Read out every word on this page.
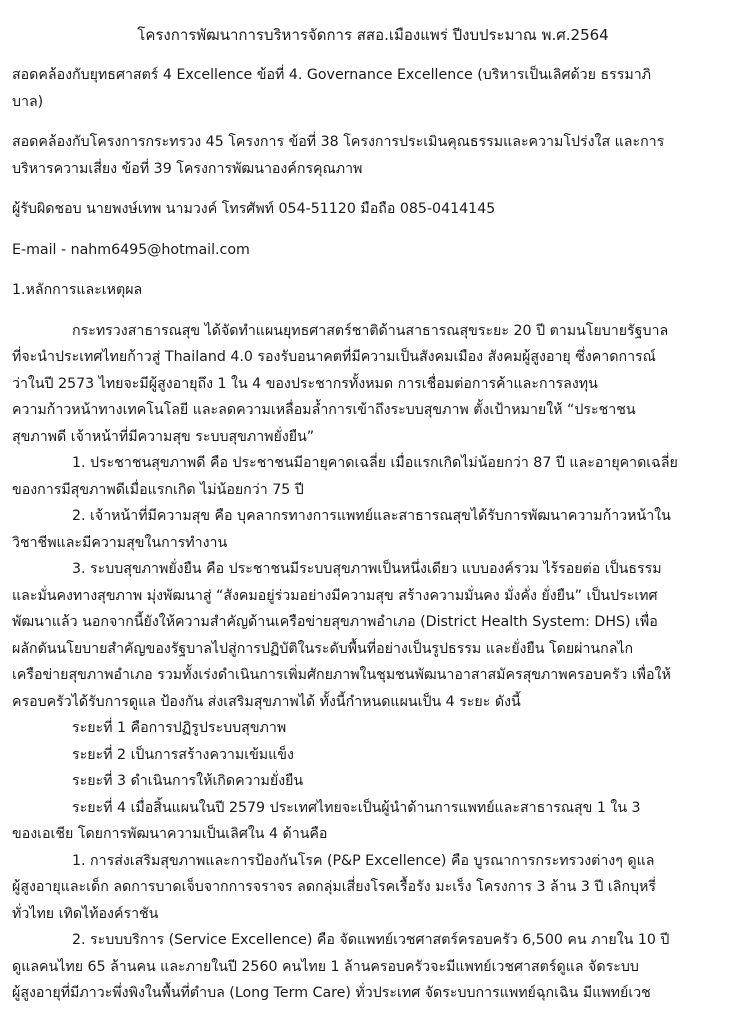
โครงการพัฒนาการบริหารจัดการ สสอ.เมืองแพร่ ปีงบประมาณ พ.ศ.2564

สอดคล้องกับยุทธศาสตร์ 4 Excellence ข้อที่ 4. Governance Excellence (บริหารเป็นเลิศด้วย ธรรมาภิ

บาล)

สอดคล้องกับโครงการกระทรวง 45 โครงการ ข้อที่ 38 โครงการประเมินคุณธรรมและความโปร่งใส และการ

บริหารความเสี่ยง ข้อที่ 39 โครงการพัฒนาองค์กรคุณภาพ

ผู้รับผิดชอบ นายพงษ์เทพ นามวงค์ โทรศัพท์ 054-51120 มือถือ 085-0414145

E-mail - nahm6495@hotmail.com

1.หลักการและเหตุผล

กระทรวงสาธารณสุข ได้จัดทำแผนยุทธศาสตร์ชาติด้านสาธารณสุขระยะ 20 ปี ตามนโยบายรัฐบาล

ที่จะนำประเทศไทยก้าวสู่ Thailand 4.0 รองรับอนาคตที่มีความเป็นสังคมเมือง สังคมผู้สูงอายุ ซึ่งคาดการณ์

ว่าในปี 2573 ไทยจะมีผู้สูงอายุถึง 1 ใน 4 ของประชากรทั้งหมด การเชื่อมต่อการค้าและการลงทุน

ความก้าวหน้าทางเทคโนโลยี และลดความเหลื่อมล้ำการเข้าถึงระบบสุขภาพ ตั้งเป้าหมายให้ “ประชาชน

สุขภาพดี เจ้าหน้าที่มีความสุข ระบบสุขภาพยั่งยืน”

1. ประชาชนสุขภาพดี คือ ประชาชนมีอายุคาดเฉลี่ย เมื่อแรกเกิดไม่น้อยกว่า 87 ปี และอายุคาดเฉลี่ย

ของการมีสุขภาพดีเมื่อแรกเกิด ไม่น้อยกว่า 75 ปี

2. เจ้าหน้าที่มีความสุข คือ บุคลากรทางการแพทย์และสาธารณสุขได้รับการพัฒนาความก้าวหน้าใน

วิชาชีพและมีความสุขในการทำงาน

3. ระบบสุขภาพยั่งยืน คือ ประชาชนมีระบบสุขภาพเป็นหนึ่งเดียว แบบองค์รวม ไร้รอยต่อ เป็นธรรม

และมั่นคงทางสุขภาพ มุ่งพัฒนาสู่ “สังคมอยู่ร่วมอย่างมีความสุข สร้างความมั่นคง มั่งคั่ง ยั่งยืน” เป็นประเทศ

พัฒนาแล้ว นอกจากนี้ยังให้ความสำคัญด้านเครือข่ายสุขภาพอำเภอ (District Health System: DHS) เพื่อ

ผลักดันนโยบายสำคัญของรัฐบาลไปสู่การปฏิบัติในระดับพื้นที่อย่างเป็นรูปธรรม และยั่งยืน โดยผ่านกลไก

เครือข่ายสุขภาพอำเภอ รวมทั้งเร่งดำเนินการเพิ่มศักยภาพในชุมชนพัฒนาอาสาสมัครสุขภาพครอบครัว เพื่อให้

ครอบครัวได้รับการดูแล ป้องกัน ส่งเสริมสุขภาพได้ ทั้งนี้กำหนดแผนเป็น 4 ระยะ ดังนี้

ระยะที่ 1 คือการปฏิรูประบบสุขภาพ

ระยะที่ 2 เป็นการสร้างความเข้มแข็ง

ระยะที่ 3 ดำเนินการให้เกิดความยั่งยืน

ระยะที่ 4 เมื่อสิ้นแผนในปี 2579 ประเทศไทยจะเป็นผู้นำด้านการแพทย์และสาธารณสุข 1 ใน 3

ของเอเชีย โดยการพัฒนาความเป็นเลิศใน 4 ด้านคือ

1. การส่งเสริมสุขภาพและการป้องกันโรค (P&P Excellence) คือ บูรณาการกระทรวงต่างๆ ดูแล

ผู้สูงอายุและเด็ก ลดการบาดเจ็บจากการจราจร ลดกลุ่มเสี่ยงโรคเรื้อรัง มะเร็ง โครงการ 3 ล้าน 3 ปี เลิกบุหรี่

ทั่วไทย เทิดไท้องค์ราชัน

2. ระบบบริการ (Service Excellence) คือ จัดแพทย์เวชศาสตร์ครอบครัว 6,500 คน ภายใน 10 ปี

ดูแลคนไทย 65 ล้านคน และภายในปี 2560 คนไทย 1 ล้านครอบครัวจะมีแพทย์เวชศาสตร์ดูแล จัดระบบ

ผู้สูงอายุที่มีภาวะพึ่งพิงในพื้นที่ตำบล (Long Term Care) ทั่วประเทศ จัดระบบการแพทย์ฉุกเฉิน มีแพทย์เวช
